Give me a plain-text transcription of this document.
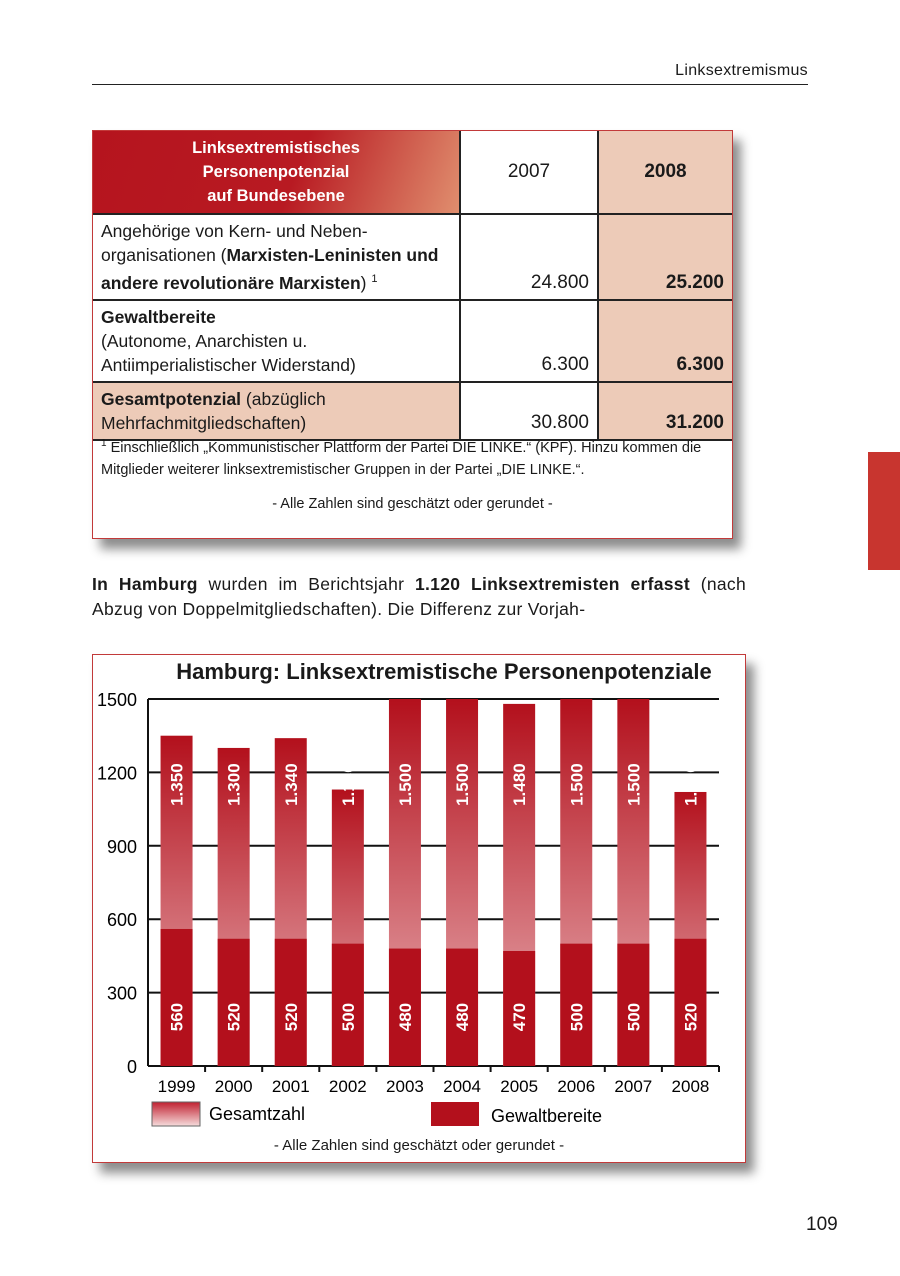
Linksextremismus
Linksextremistisches
Personenpotenzial
auf Bundesebene	2007	2008
Angehörige von Kern- und Neben-organisationen (Marxisten-Leninisten und andere revolutionäre Marxisten) $^1$	24.800	25.200
Gewaltbereite
(Autonome, Anarchisten u. Antiimperialistischer Widerstand)	6.300	6.300
Gesamtpotenzial (abzüglich Mehrfachmitgliedschaften)	30.800	31.200
$^1$ Einschließlich „Kommunistischer Plattform der Partei DIE LINKE.“ (KPF). Hinzu kommen die Mitglieder weiterer linksextremistischer Gruppen in der Partei „DIE LINKE.“.
- Alle Zahlen sind geschätzt oder gerundet -
In Hamburg wurden im Berichtsjahr 1.120 Linksextremisten erfasst (nach Abzug von Doppelmitgliedschaften). Die Differenz zur Vorjah-
Hamburg: Linksextremistische Personenpotenziale
0
300
600
900
1200
1500
1.350
560
1999
1.300
520
2000
1.340
520
2001
1.130
500
2002
1.500
480
2003
1.500
480
2004
1.480
470
2005
1.500
500
2006
1.500
500
2007
1.120
520
2008
Gesamtzahl	Gewaltbereite
- Alle Zahlen sind geschätzt oder gerundet -
109
